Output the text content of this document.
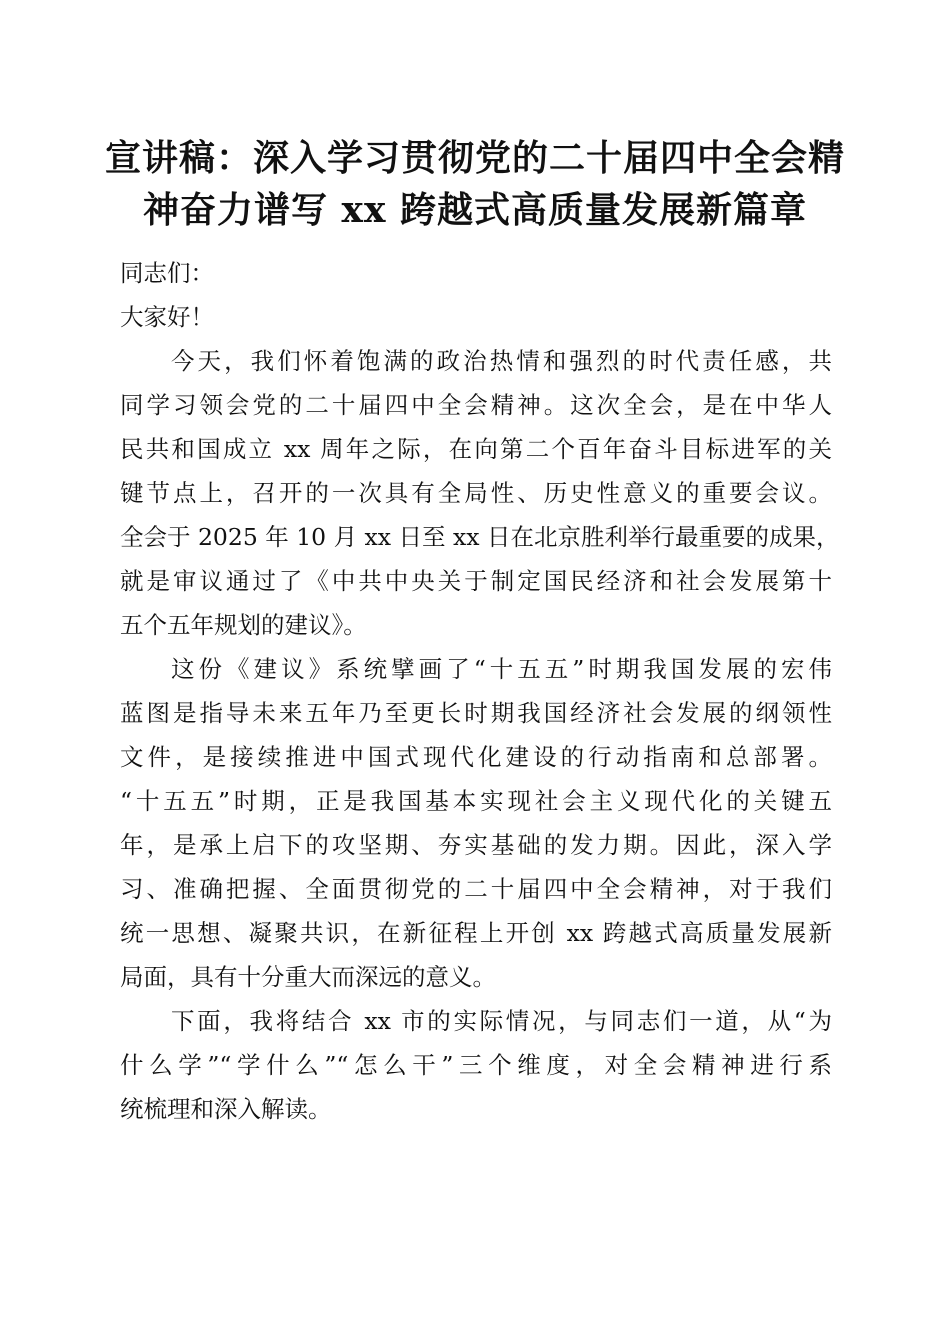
宣讲稿：深入学习贯彻党的二十届四中全会精
神奋力谱写 xx 跨越式高质量发展新篇章

同志们：

大家好！

今天，我们怀着饱满的政治热情和强烈的时代责任感，共
同学习领会党的二十届四中全会精神。这次全会，是在中华人
民共和国成立 xx 周年之际，在向第二个百年奋斗目标进军的关
键节点上，召开的一次具有全局性、历史性意义的重要会议。
全会于 2025 年 10 月 xx 日至 xx 日在北京胜利举行最重要的成果，
就是审议通过了《中共中央关于制定国民经济和社会发展第十
五个五年规划的建议》。

这份《建议》系统擘画了“十五五”时期我国发展的宏伟
蓝图是指导未来五年乃至更长时期我国经济社会发展的纲领性
文件，是接续推进中国式现代化建设的行动指南和总部署。
“十五五”时期，正是我国基本实现社会主义现代化的关键五
年，是承上启下的攻坚期、夯实基础的发力期。因此，深入学
习、准确把握、全面贯彻党的二十届四中全会精神，对于我们
统一思想、凝聚共识，在新征程上开创 xx 跨越式高质量发展新
局面，具有十分重大而深远的意义。

下面，我将结合 xx 市的实际情况，与同志们一道，从“为
什么学”“学什么”“怎么干”三个维度，对全会精神进行系
统梳理和深入解读。
